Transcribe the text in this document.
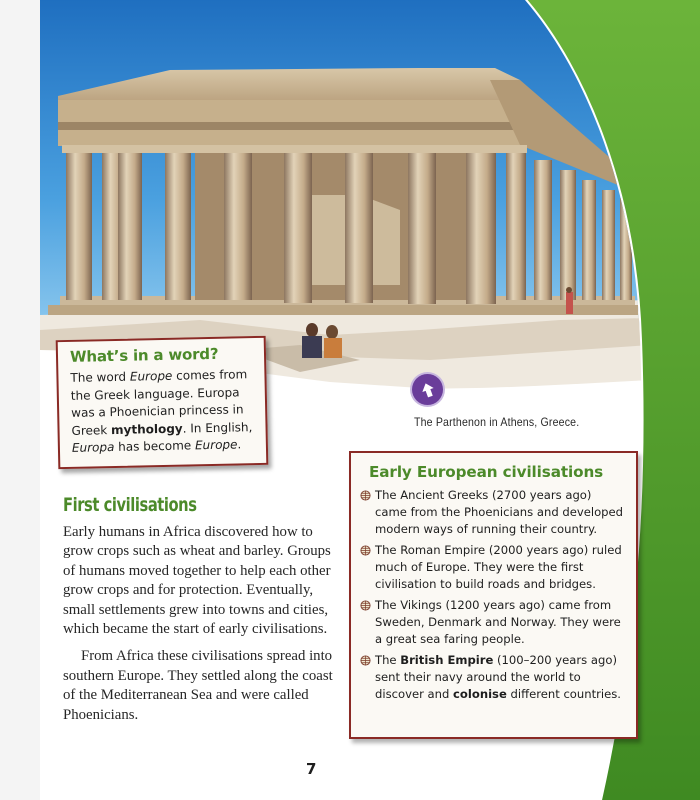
The Parthenon in Athens, Greece.
What’s in a word?
The word Europe comes from the Greek language. Europa was a Phoenician princess in Greek mythology. In English, Europa has become Europe.
First civilisations

Early humans in Africa discovered how to grow crops such as wheat and barley. Groups of humans moved together to help each other grow crops and for protection. Eventually, small settlements grew into towns and cities, which became the start of early civilisations.

From Africa these civilisations spread into southern Europe. They settled along the coast of the Mediterranean Sea and were called Phoenicians.

Early European civilisations
The Ancient Greeks (2700 years ago) came from the Phoenicians and developed modern ways of running their country.
The Roman Empire (2000 years ago) ruled much of Europe. They were the first civilisation to build roads and bridges.
The Vikings (1200 years ago) came from Sweden, Denmark and Norway. They were a great sea faring people.
The British Empire (100–200 years ago) sent their navy around the world to discover and colonise different countries.
7
